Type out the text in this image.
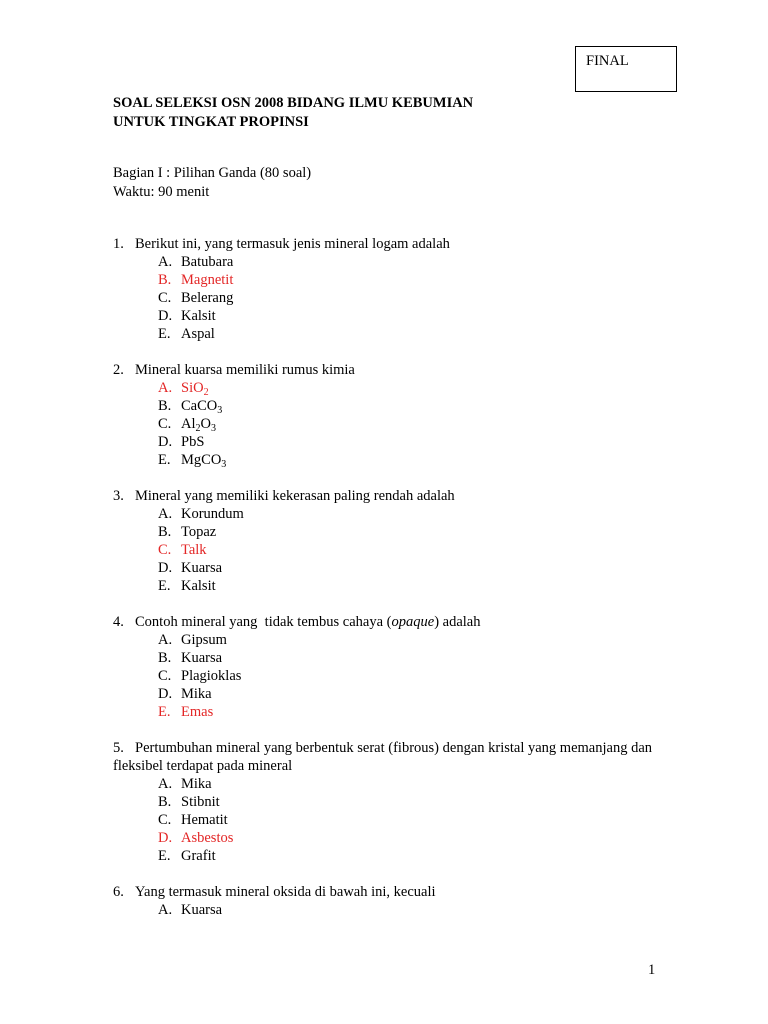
FINAL
SOAL SELEKSI OSN 2008 BIDANG ILMU KEBUMIAN
UNTUK TINGKAT PROPINSI
Bagian I : Pilihan Ganda (80 soal)
Waktu: 90 menit
1. Berikut ini, yang termasuk jenis mineral logam adalah
A. Batubara
B. Magnetit
C. Belerang
D. Kalsit
E. Aspal
2. Mineral kuarsa memiliki rumus kimia
A. SiO$_2$
B. CaCO$_3$
C. $Al_2O_3$
D. PbS
E. MgCO$_3$
3. Mineral yang memiliki kekerasan paling rendah adalah
A. Korundum
B. Topaz
C. Talk
D. Kuarsa
E. Kalsit
4. Contoh mineral yang  tidak tembus cahaya (opaque) adalah
A. Gipsum
B. Kuarsa
C. Plagioklas
D. Mika
E. Emas
5. Pertumbuhan mineral yang berbentuk serat (fibrous) dengan kristal yang memanjang dan fleksibel terdapat pada mineral
A. Mika
B. Stibnit
C. Hematit
D. Asbestos
E. Grafit
6. Yang termasuk mineral oksida di bawah ini, kecuali
A. Kuarsa
1
